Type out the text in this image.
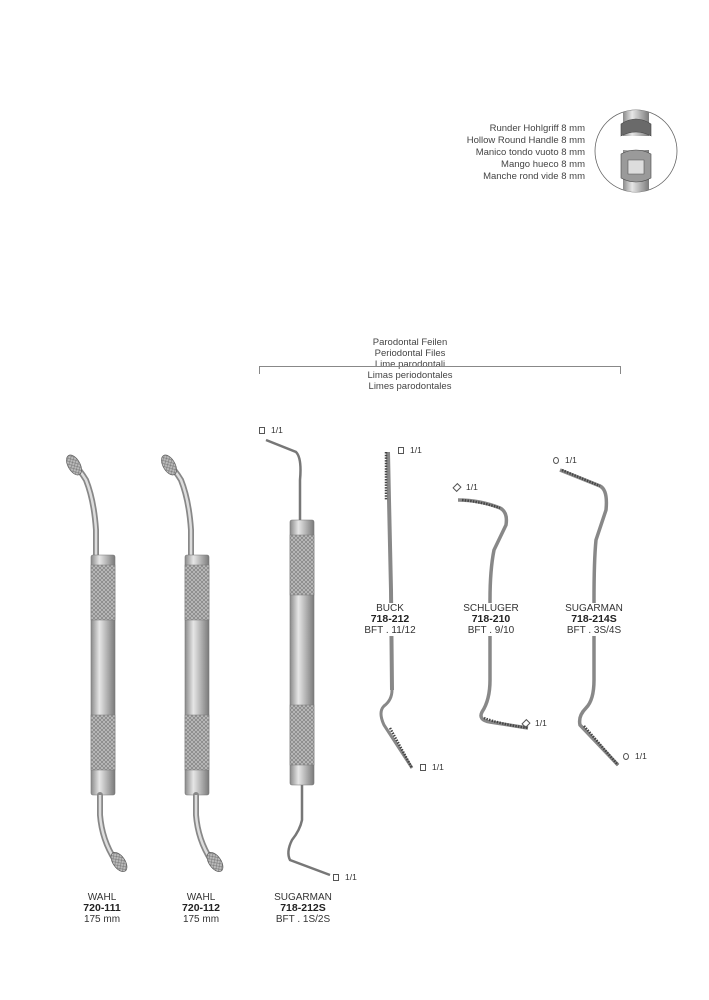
Runder Hohlgriff 8 mm
Hollow Round Handle 8 mm
Manico tondo vuoto 8 mm
Mango hueco 8 mm
Manche rond vide 8 mm
Parodontal Feilen
Periodontal Files
Lime parodontali
Limas periodontales
Limes parodontales
1/1
1/1
1/1
1/1
1/1
1/1
1/1
1/1
WAHL
720-111
175 mm
WAHL
720-112
175 mm
SUGARMAN
718-212S
BFT . 1S/2S
BUCK
718-212
BFT . 11/12
SCHLUGER
718-210
BFT . 9/10
SUGARMAN
718-214S
BFT . 3S/4S
